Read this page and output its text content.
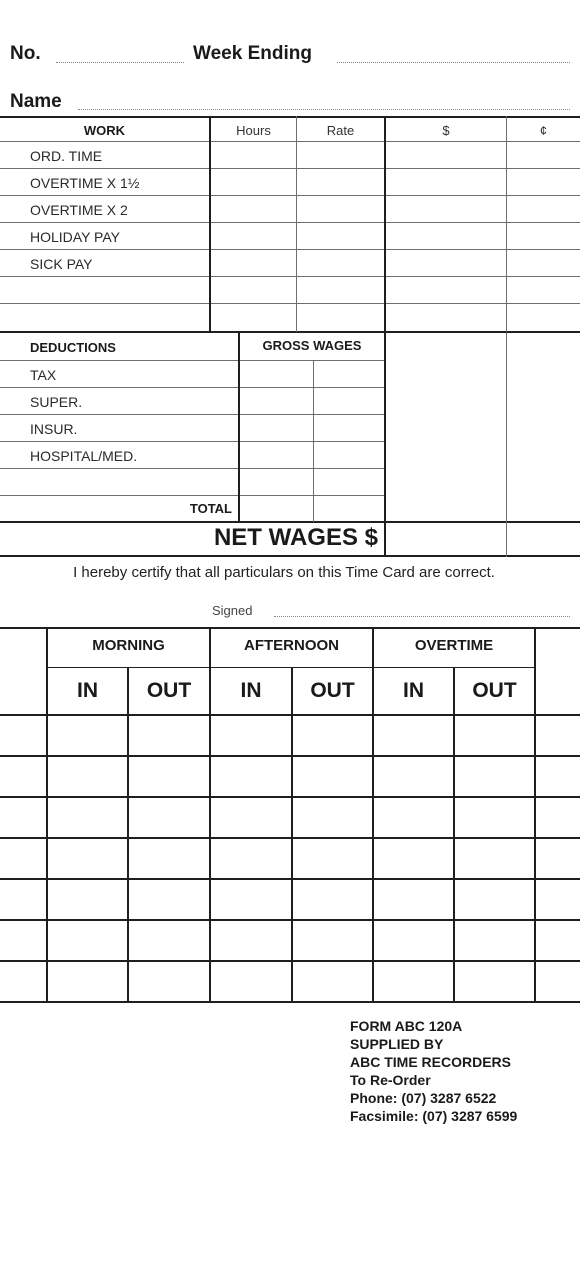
No.	Week Ending
Name
WORK	Hours	Rate	$	¢
ORD. TIME
OVERTIME X 1½
OVERTIME X 2
HOLIDAY PAY
SICK PAY
DEDUCTIONS	GROSS WAGES
TAX
SUPER.
INSUR.
HOSPITAL/MED.
TOTAL
NET WAGES $
I hereby certify that all particulars on this Time Card are correct.
Signed
MORNING	AFTERNOON	OVERTIME
IN	OUT	IN	OUT	IN	OUT
FORM ABC 120A
SUPPLIED BY
ABC TIME RECORDERS
To Re-Order
Phone: (07) 3287 6522
Facsimile: (07) 3287 6599
